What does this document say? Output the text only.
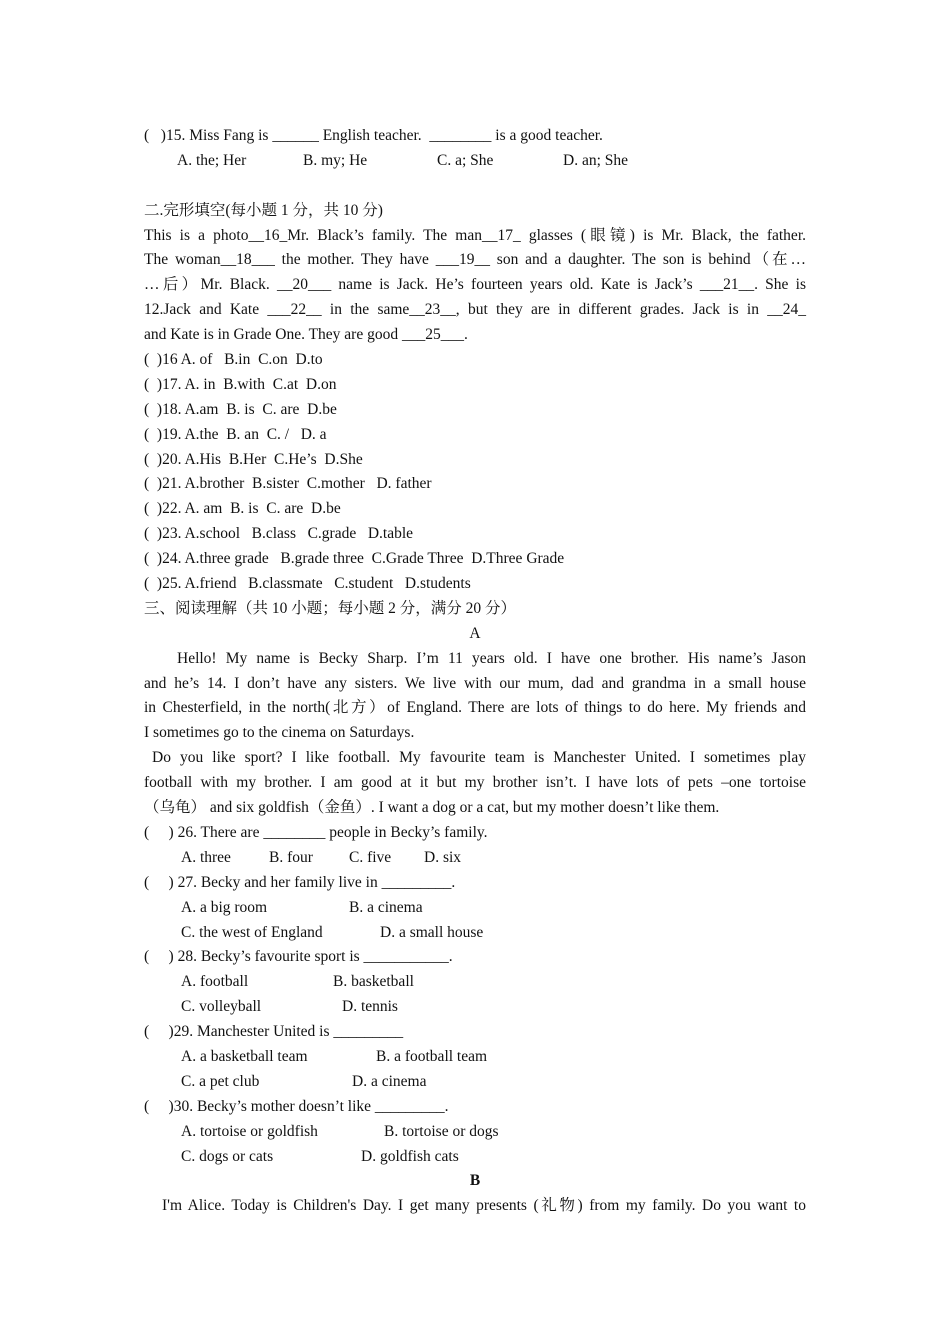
(   )15. Miss Fang is ______ English teacher.  ________ is a good teacher.
A. the; Her	B. my; He	C. a; She	D. an; She
二.完形填空(每小题 1 分，共 10 分)
This is a photo__16_Mr. Black’s family. The man__17_ glasses (眼镜) is Mr. Black, the father.
The woman__18___ the mother. They have ___19__ son and a daughter. The son is behind（在…
…后）Mr. Black. __20___ name is Jack. He’s fourteen years old. Kate is Jack’s ___21__. She is
12.Jack and Kate ___22__ in the same__23__, but they are in different grades. Jack is in __24_
and Kate is in Grade One. They are good ___25___.
(  )16 A. of   B.in  C.on  D.to
(  )17. A. in  B.with  C.at  D.on
(  )18. A.am  B. is  C. are  D.be
(  )19. A.the  B. an  C. /   D. a
(  )20. A.His  B.Her  C.He’s  D.She
(  )21. A.brother  B.sister  C.mother   D. father
(  )22. A. am  B. is  C. are  D.be
(  )23. A.school   B.class   C.grade   D.table
(  )24. A.three grade   B.grade three  C.Grade Three  D.Three Grade
(  )25. A.friend   B.classmate   C.student   D.students
三、阅读理解（共 10 小题；每小题 2 分，满分 20 分）
A
Hello! My name is Becky Sharp. I’m 11 years old. I have one brother. His name’s Jason
and he’s 14. I don’t have any sisters. We live with our mum, dad and grandma in a small house
in Chesterfield, in the north(北方）of England. There are lots of things to do here. My friends and
I sometimes go to the cinema on Saturdays.
Do you like sport? I like football. My favourite team is Manchester United. I sometimes play
football with my brother. I am good at it but my brother isn’t. I have lots of pets –one tortoise
（乌龟） and six goldfish（金鱼）. I want a dog or a cat, but my mother doesn’t like them.
(     ) 26. There are ________ people in Becky’s family.
A. three B. four C. five D. six
(     ) 27. Becky and her family live in _________.
A. a big room	B. a cinema
C. the west of England	D. a small house
(     ) 28. Becky’s favourite sport is ___________.
A. football	B. basketball
C. volleyball	D. tennis
(     )29. Manchester United is _________
A. a basketball team	B. a football team
C. a pet club	D. a cinema
(     )30. Becky’s mother doesn’t like _________.
A. tortoise or goldfish	B. tortoise or dogs
C. dogs or cats	D. goldfish cats
B
I'm Alice. Today is Children's Day. I get many presents (礼物) from my family. Do you want to
